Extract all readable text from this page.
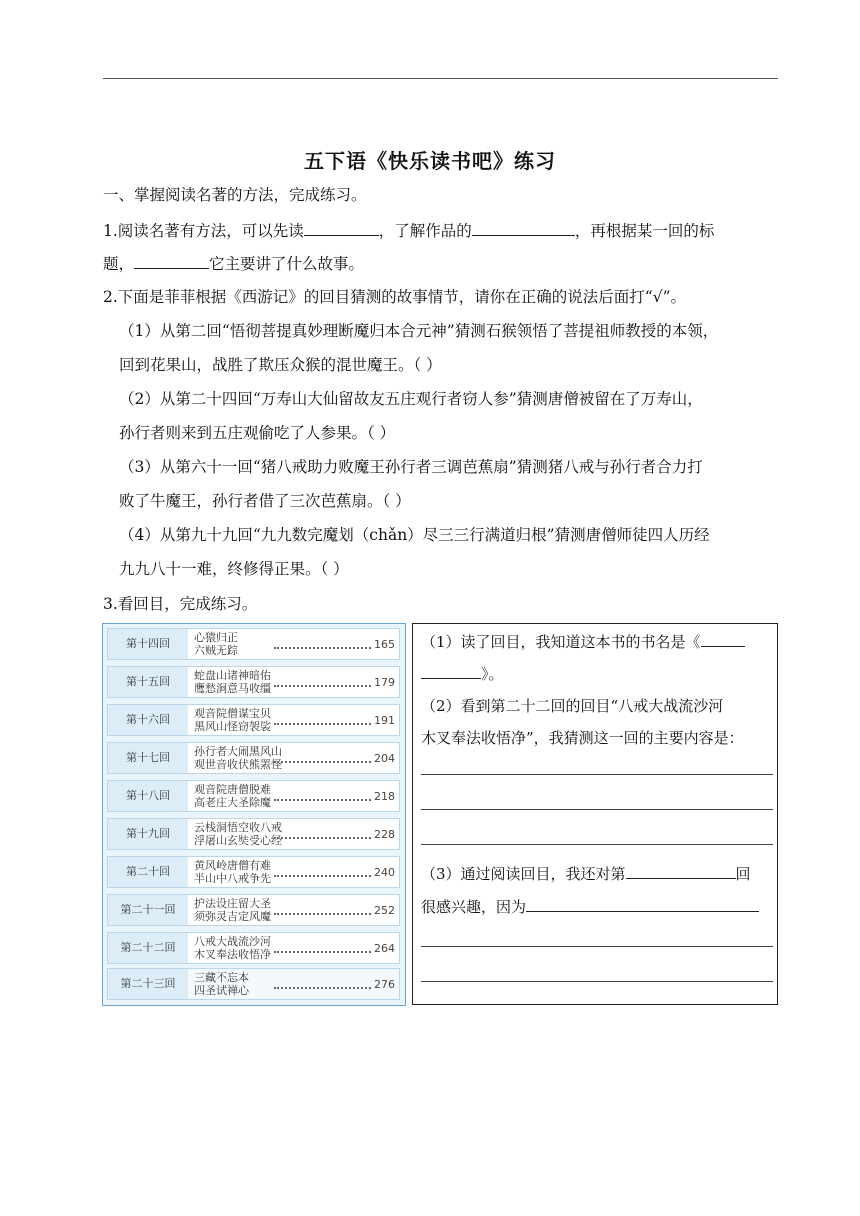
五下语《快乐读书吧》练习
一、掌握阅读名著的方法，完成练习。
1.阅读名著有方法，可以先读	，了解作品的	，再根据某一回的标
题，	它主要讲了什么故事。
2.下面是菲菲根据《西游记》的回目猜测的故事情节，请你在正确的说法后面打“√”。
（1）从第二回“悟彻菩提真妙理断魔归本合元神”猜测石猴领悟了菩提祖师教授的本领，
回到花果山，战胜了欺压众猴的混世魔王。（ ）
（2）从第二十四回“万寿山大仙留故友五庄观行者窃人参”猜测唐僧被留在了万寿山，
孙行者则来到五庄观偷吃了人参果。（ ）
（3）从第六十一回“猪八戒助力败魔王孙行者三调芭蕉扇”猜测猪八戒与孙行者合力打
败了牛魔王，孙行者借了三次芭蕉扇。（ ）
（4）从第九十九回“九九数完魔划（chǎn）尽三三行满道归根”猜测唐僧师徒四人历经
九九八十一难，终修得正果。（ ）
3.看回目，完成练习。
第十四回	心猿归正
六贼无踪	165
第十五回	蛇盘山诸神暗佑
鹰愁涧意马收缰	179
第十六回	观音院僧谋宝贝
黑风山怪窃袈裟	191
第十七回	孙行者大闹黑风山
观世音收伏熊罴怪	204
第十八回	观音院唐僧脱难
高老庄大圣除魔	218
第十九回	云栈洞悟空收八戒
浮屠山玄奘受心经	228
第二十回	黄风岭唐僧有难
半山中八戒争先	240
第二十一回	护法设庄留大圣
须弥灵吉定风魔	252
第二十二回	八戒大战流沙河
木叉奉法收悟净	264
第二十三回	三藏不忘本
四圣试禅心	276
（1）读了回目，我知道这本书的书名是《
》。
（2）看到第二十二回的回目“八戒大战流沙河
木叉奉法收悟净”，我猜测这一回的主要内容是：
（3）通过阅读回目，我还对第	回
很感兴趣，因为
